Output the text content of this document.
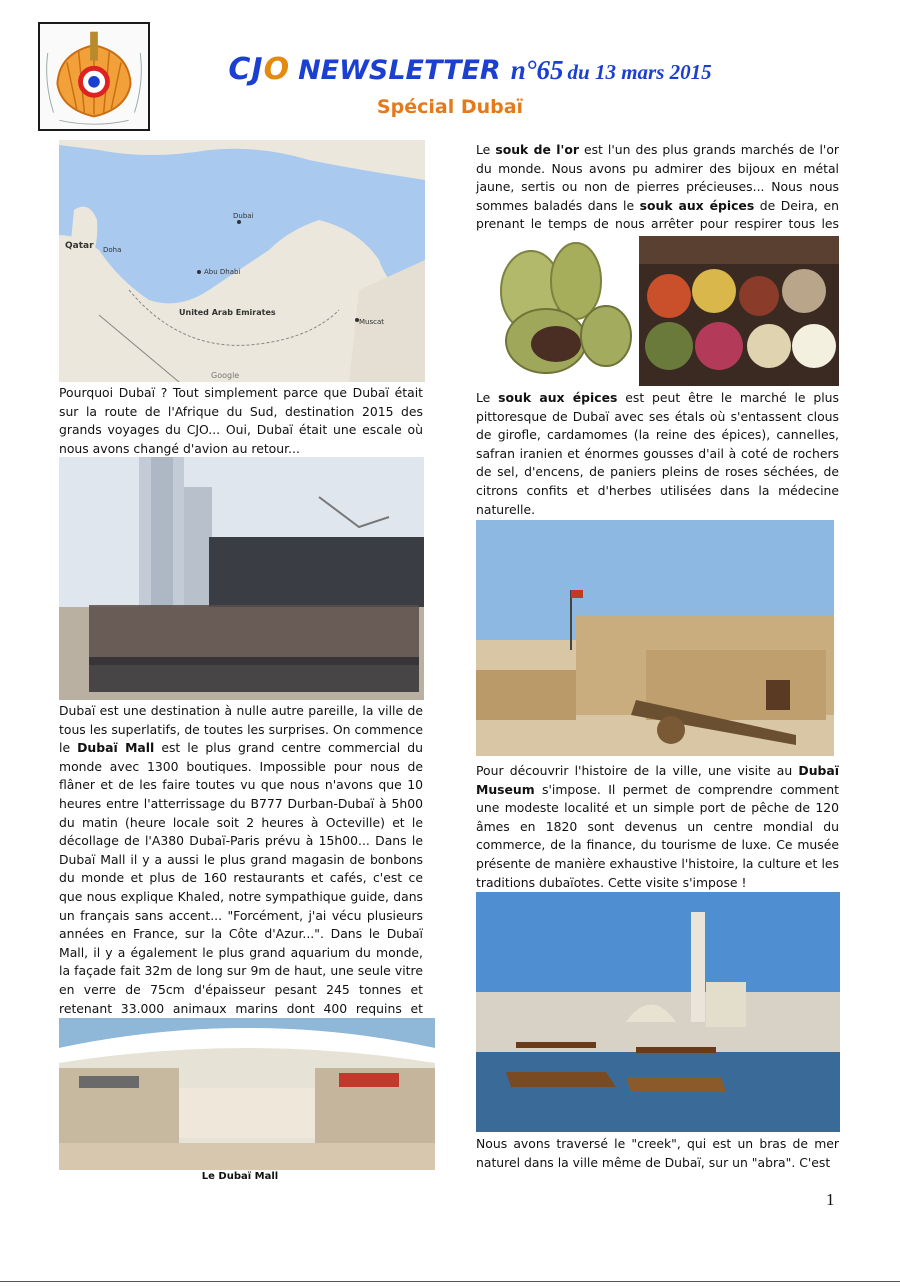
CJO NEWSLETTER n°65 du 13 mars 2015
Spécial Dubaï
Qatar Doha
Dubai
Abu Dhabi
United Arab Emirates
Muscat
Google

Pourquoi Dubaï ? Tout simplement parce que Dubaï était sur la route de l'Afrique du Sud, destination 2015 des grands voyages du CJO... Oui, Dubaï était une escale où nous avons changé d'avion au retour...

Dubaï est une destination à nulle autre pareille, la ville de tous les superlatifs, de toutes les surprises. On commence le Dubaï Mall est le plus grand centre commercial du monde avec 1300 boutiques. Impossible pour nous de flâner et de les faire toutes vu que nous n'avons que 10 heures entre l'atterrissage du B777 Durban-Dubaï à 5h00 du matin (heure locale soit 2 heures à Octeville) et le décollage de l'A380 Dubaï-Paris prévu à 15h00... Dans le Dubaï Mall il y a aussi le plus grand magasin de bonbons du monde et plus de 160 restaurants et cafés, c'est ce que nous explique Khaled, notre sympathique guide, dans un français sans accent... "Forcément, j'ai vécu plusieurs années en France, sur la Côte d'Azur...". Dans le Dubaï Mall, il y a également le plus grand aquarium du monde, la façade fait 32m de long sur 9m de haut, une seule vitre en verre de 75cm d'épaisseur pesant 245 tonnes et retenant 33.000 animaux marins dont 400 requins et

Le Dubaï Mall

Le souk de l'or est l'un des plus grands marchés de l'or du monde. Nous avons pu admirer des bijoux en métal jaune, sertis ou non de pierres précieuses... Nous nous sommes baladés dans le souk aux épices de Deira, en prenant le temps de nous arrêter pour respirer tous les

Le souk aux épices est peut être le marché le plus pittoresque de Dubaï avec ses étals où s'entassent clous de girofle, cardamomes (la reine des épices), cannelles, safran iranien et énormes gousses d'ail à coté de rochers de sel, d'encens, de paniers pleins de roses séchées, de citrons confits et d'herbes utilisées dans la médecine naturelle.

Pour découvrir l'histoire de la ville, une visite au Dubaï Museum s'impose. Il permet de comprendre comment une modeste localité et un simple port de pêche de 120 âmes en 1820 sont devenus un centre mondial du commerce, de la finance, du tourisme de luxe. Ce musée présente de manière exhaustive l'histoire, la culture et les traditions dubaïotes. Cette visite s'impose !

Nous avons traversé le "creek", qui est un bras de mer naturel dans la ville même de Dubaï, sur un "abra". C'est

1
